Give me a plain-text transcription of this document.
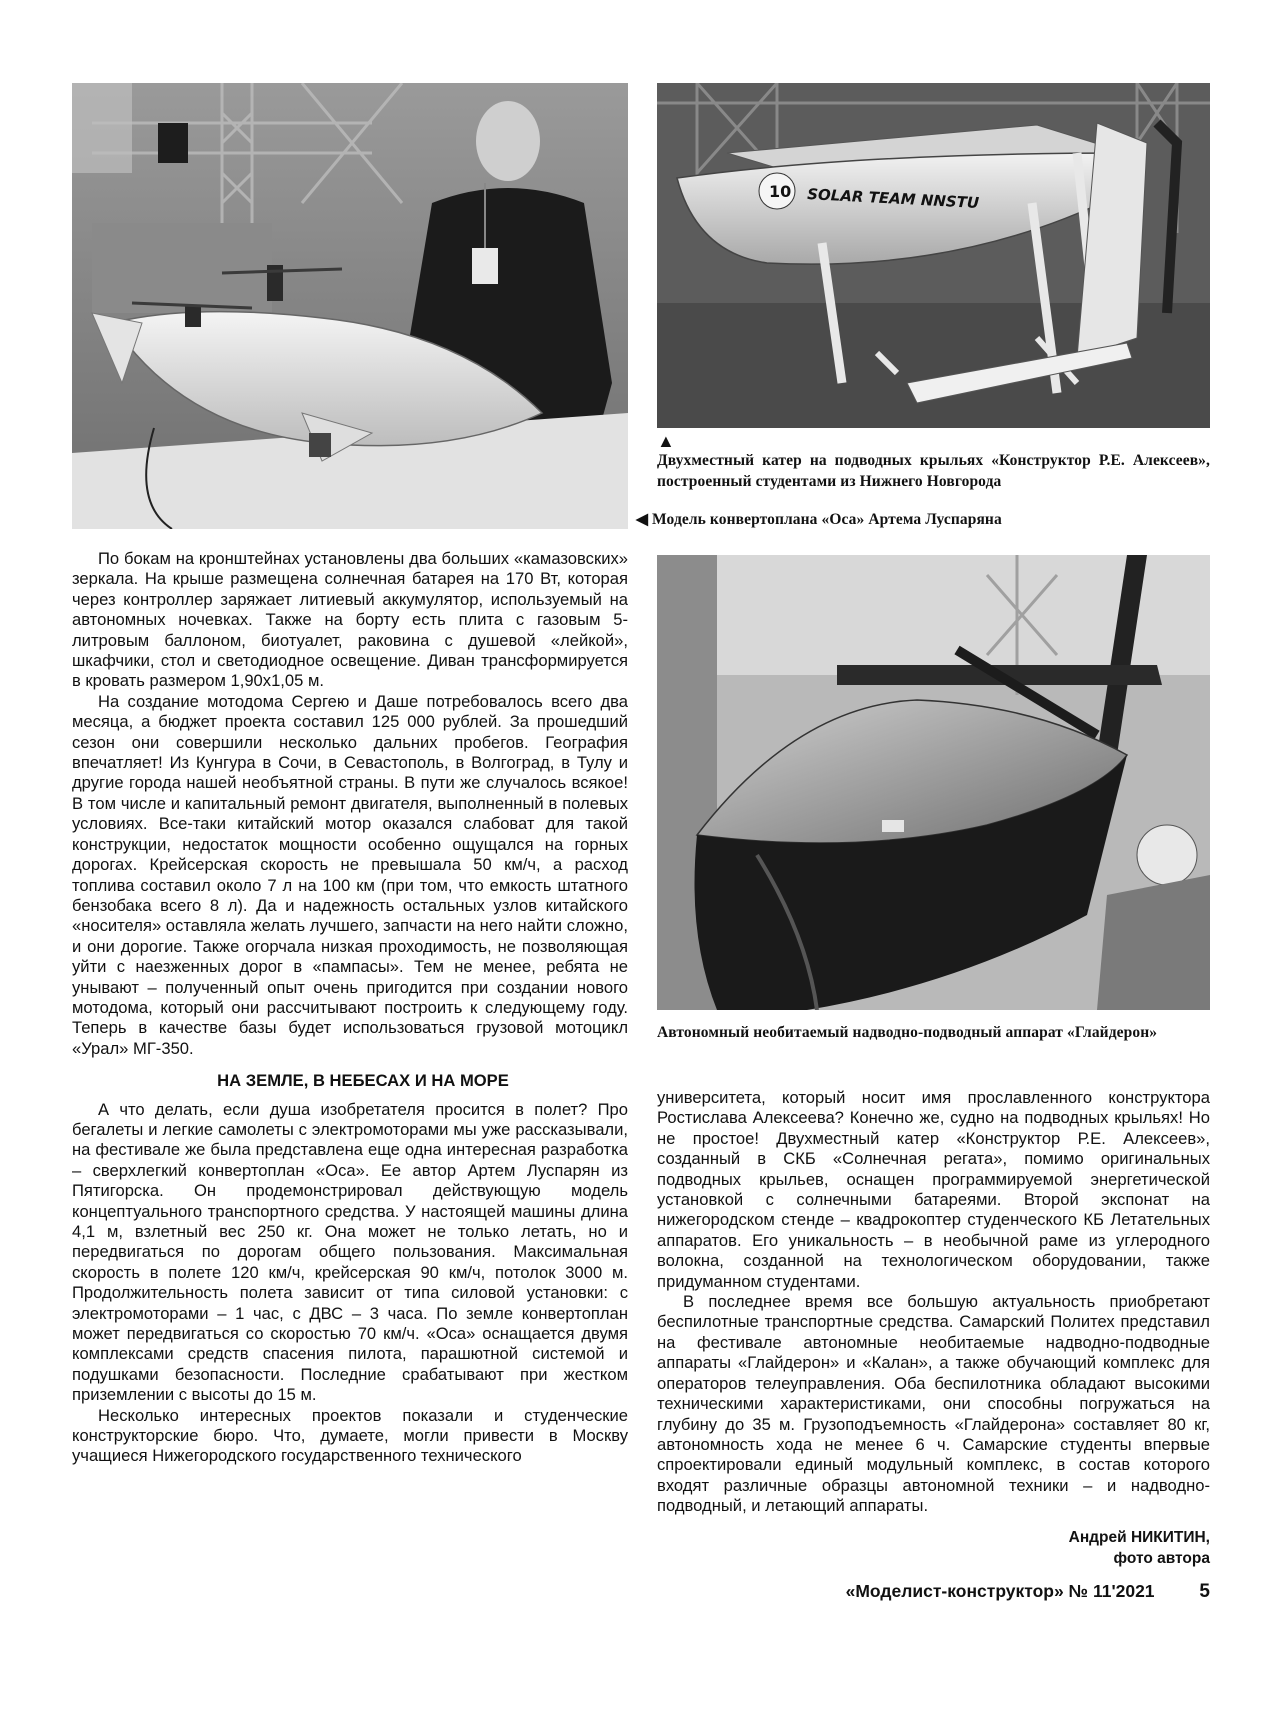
10 SOLAR TEAM NNSTU
▲
Двухместный катер на подводных крыльях «Конструктор Р.Е. Алексеев», построенный студентами из Нижнего Новгорода
◀ Модель конвертоплана «Оса» Артема Луспаряна
Автономный необитаемый надводно-подводный аппарат «Глайдерон»

По бокам на кронштейнах установлены два больших «камазовских» зеркала. На крыше размещена солнечная батарея на 170 Вт, которая через контроллер заряжает литиевый аккумулятор, используемый на автономных ночевках. Также на борту есть плита с газовым 5-литровым баллоном, биотуалет, раковина с душевой «лейкой», шкафчики, стол и светодиодное освещение. Диван трансформируется в кровать размером 1,90х1,05 м.

На создание мотодома Сергею и Даше потребовалось всего два месяца, а бюджет проекта составил 125 000 рублей. За прошедший сезон они совершили несколько дальних пробегов. География впечатляет! Из Кунгура в Сочи, в Севастополь, в Волгоград, в Тулу и другие города нашей необъятной страны. В пути же случалось всякое! В том числе и капитальный ремонт двигателя, выполненный в полевых условиях. Все-таки китайский мотор оказался слабоват для такой конструкции, недостаток мощности особенно ощущался на горных дорогах. Крейсерская скорость не превышала 50 км/ч, а расход топлива составил около 7 л на 100 км (при том, что емкость штатного бензобака всего 8 л). Да и надежность остальных узлов китайского «носителя» оставляла желать лучшего, запчасти на него найти сложно, и они дорогие. Также огорчала низкая проходимость, не позволяющая уйти с наезженных дорог в «пампасы». Тем не менее, ребята не унывают – полученный опыт очень пригодится при создании нового мотодома, который они рассчитывают построить к следующему году. Теперь в качестве базы будет использоваться грузовой мотоцикл «Урал» МГ-350.

НА ЗЕМЛЕ, В НЕБЕСАХ И НА МОРЕ

А что делать, если душа изобретателя просится в полет? Про бегалеты и легкие самолеты с электромоторами мы уже рассказывали, на фестивале же была представлена еще одна интересная разработка – сверхлегкий конвертоплан «Оса». Ее автор Артем Луспарян из Пятигорска. Он продемонстрировал действующую модель концептуального транспортного средства. У настоящей машины длина 4,1 м, взлетный вес 250 кг. Она может не только летать, но и передвигаться по дорогам общего пользования. Максимальная скорость в полете 120 км/ч, крейсерская 90 км/ч, потолок 3000 м. Продолжительность полета зависит от типа силовой установки: с электромоторами – 1 час, с ДВС – 3 часа. По земле конвертоплан может передвигаться со скоростью 70 км/ч. «Оса» оснащается двумя комплексами средств спасения пилота, парашютной системой и подушками безопасности. Последние срабатывают при жестком приземлении с высоты до 15 м.

Несколько интересных проектов показали и студенческие конструкторские бюро. Что, думаете, могли привести в Москву учащиеся Нижегородского государственного технического

университета, который носит имя прославленного конструктора Ростислава Алексеева? Конечно же, судно на подводных крыльях! Но не простое! Двухместный катер «Конструктор Р.Е. Алексеев», созданный в СКБ «Солнечная регата», помимо оригинальных подводных крыльев, оснащен программируемой энергетической установкой с солнечными батареями. Второй экспонат на нижегородском стенде – квадрокоптер студенческого КБ Летательных аппаратов. Его уникальность – в необычной раме из углеродного волокна, созданной на технологическом оборудовании, также придуманном студентами.

В последнее время все большую актуальность приобретают беспилотные транспортные средства. Самарский Политех представил на фестивале автономные необитаемые надводно-подводные аппараты «Глайдерон» и «Калан», а также обучающий комплекс для операторов телеуправления. Оба беспилотника обладают высокими техническими характеристиками, они способны погружаться на глубину до 35 м. Грузоподъемность «Глайдерона» составляет 80 кг, автономность хода не менее 6 ч. Самарские студенты впервые спроектировали единый модульный комплекс, в состав которого входят различные образцы автономной техники – и надводно-подводный, и летающий аппараты.

Андрей НИКИТИН,
фото автора
«Моделист-конструктор» № 11'2021 5
